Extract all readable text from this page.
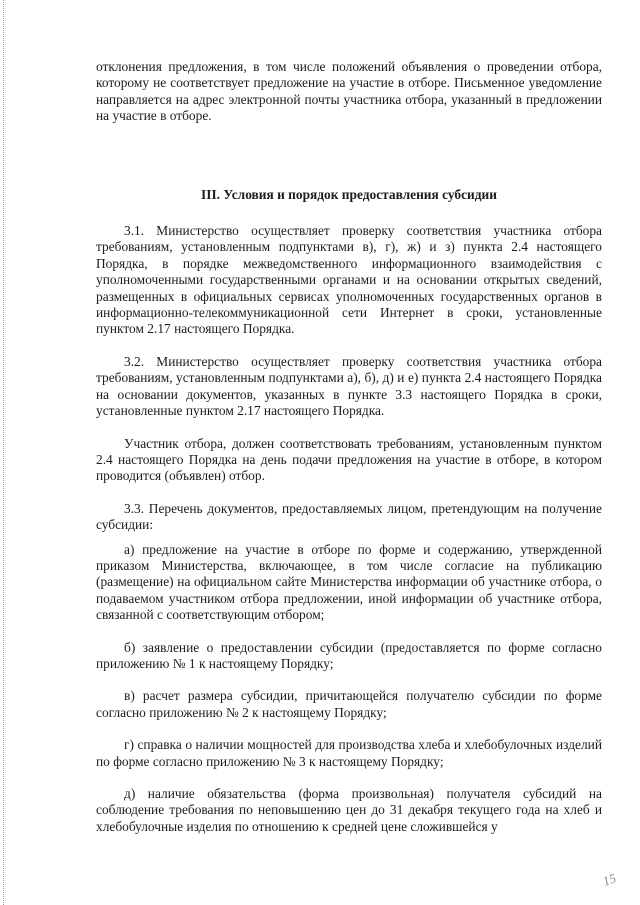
отклонения предложения, в том числе положений объявления о проведении отбора, которому не соответствует предложение на участие в отборе. Письменное уведомление направляется на адрес электронной почты участника отбора, указанный в предложении на участие в отборе.

III. Условия и порядок предоставления субсидии

3.1. Министерство осуществляет проверку соответствия участника отбора требованиям, установленным подпунктами в), г), ж) и з) пункта 2.4 настоящего Порядка, в порядке межведомственного информационного взаимодействия с уполномоченными государственными органами и на основании открытых сведений, размещенных в официальных сервисах уполномоченных государственных органов в информационно-телекоммуникационной сети Интернет в сроки, установленные пунктом 2.17 настоящего Порядка.

3.2. Министерство осуществляет проверку соответствия участника отбора требованиям, установленным подпунктами а), б), д) и е) пункта 2.4 настоящего Порядка на основании документов, указанных в пункте 3.3 настоящего Порядка в сроки, установленные пунктом 2.17 настоящего Порядка.

Участник отбора, должен соответствовать требованиям, установленным пунктом 2.4 настоящего Порядка на день подачи предложения на участие в отборе, в котором проводится (объявлен) отбор.

3.3. Перечень документов, предоставляемых лицом, претендующим на получение субсидии:

а) предложение на участие в отборе по форме и содержанию, утвержденной приказом Министерства, включающее, в том числе согласие на публикацию (размещение) на официальном сайте Министерства информации об участнике отбора, о подаваемом участником отбора предложении, иной информации об участнике отбора, связанной с соответствующим отбором;

б) заявление о предоставлении субсидии (предоставляется по форме согласно приложению № 1 к настоящему Порядку;

в) расчет размера субсидии, причитающейся получателю субсидии по форме согласно приложению № 2 к настоящему Порядку;

г) справка о наличии мощностей для производства хлеба и хлебобулочных изделий по форме согласно приложению № 3 к настоящему Порядку;

д) наличие обязательства (форма произвольная) получателя субсидий на соблюдение требования по неповышению цен до 31 декабря текущего года на хлеб и хлебобулочные изделия по отношению к средней цене сложившейся у

15
